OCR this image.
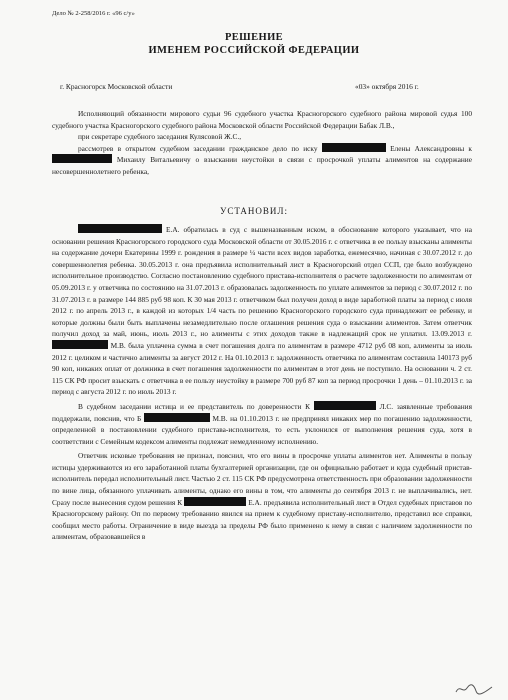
Дело № 2-258/2016 г. «96 с/у»
РЕШЕНИЕ
ИМЕНЕМ РОССИЙСКОЙ ФЕДЕРАЦИИ
г. Красногорск Московской области	«03» октября 2016 г.

Исполняющий обязанности мирового судьи 96 судебного участка Красногорского судебного района мировой судья 100 судебного участка Красногорского судебного района Московской области Российской Федерации Бабак Л.В.,

при секретаре судебного заседания Кулясовой Ж.С.,

рассмотрев в открытом судебном заседании гражданское дело по иску	Елены Александровны к  Михаилу Витальевичу о взыскании неустойки в связи с просрочкой уплаты алиментов на содержание несовершеннолетнего ребенка,

УСТАНОВИЛ:

Е.А. обратилась в суд с вышеназванным иском, в обоснование которого указывает, что на основании решения Красногорского городского суда Московской области от 30.05.2016 г. с ответчика в ее пользу взысканы алименты на содержание дочери Екатерины 1999 г. рождения в размере ¼ части всех видов заработка, ежемесячно, начиная с 30.07.2012 г. до совершеннолетия ребенка. 30.05.2013 г. она предъявила исполнительный лист в Красногорский отдел ССП, где было возбуждено исполнительное производство. Согласно постановлению судебного пристава-исполнителя о расчете задолженности по алиментам от 05.09.2013 г. у ответчика по состоянию на 31.07.2013 г. образовалась задолженность по уплате алиментов за период с 30.07.2012 г. по 31.07.2013 г. в размере 144 885 руб 98 коп. К 30 мая 2013 г. ответчиком был получен доход в виде заработной платы за период с июля 2012 г. по апрель 2013 г., в каждой из которых 1/4 часть по решению Красногорского городского суда принадлежит ее ребенку, и которые должны были быть выплачены незамедлительно после оглашения решения суда о взыскании алиментов. Затем ответчик получил доход за май, июнь, июль 2013 г., но алименты с этих доходов также в надлежащий срок не уплатил. 13.09.2013 г.  М.В. была уплачена сумма в счет погашения долга по алиментам в размере 4712 руб 08 коп, алименты за июль 2012 г. целиком и частично алименты за август 2012 г. На 01.10.2013 г. задолженность ответчика по алиментам составила 140173 руб 90 коп, никаких оплат от должника в счет погашения задолженности по алиментам в этот день не поступило. На основании ч. 2 ст. 115 СК РФ просит взыскать с ответчика в ее пользу неустойку в размере 700 руб 87 коп за период просрочки 1 день – 01.10.2013 г. за период с августа 2012 г. по июль 2013 г.

В судебном заседании истица и ее представитель по доверенности К	Л.С. заявленные требования поддержали, пояснив, что Б	М.В. на 01.10.2013 г. не предпринял никаких мер по погашению задолженности, определенной в постановлении судебного пристава-исполнителя, то есть уклонился от выполнения решения суда, хотя в соответствии с Семейным кодексом алименты подлежат немедленному исполнению.

Ответчик исковые требования не признал, пояснил, что его вины в просрочке уплаты алиментов нет. Алименты в пользу истицы удерживаются из его заработанной платы бухгалтерией организации, где он официально работает и куда судебный пристав-исполнитель передал исполнительный лист. Частью 2 ст. 115 СК РФ предусмотрена ответственность при образовании задолженности по вине лица, обязанного уплачивать алименты, однако его вины в том, что алименты до сентября 2013 г. не выплачивались, нет. Сразу после вынесения судом решения К	Е.А. предъявила исполнительный лист в Отдел судебных приставов по Красногорскому району. Оп по первому требованию явился на прием к судебному приставу-исполнителю, представил все справки, сообщил место работы. Ограничение в виде выезда за пределы РФ было применено к нему в связи с наличием задолженности по алиментам, образовавшейся в
